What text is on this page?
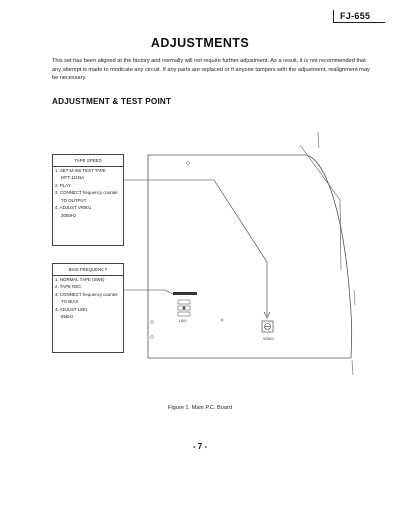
FJ-655
ADJUSTMENTS
This set has been aligned at the factory and normally will not require further adjustment. As a result, it is not recommended that any attempt is made to modicate any circuit. If any parts are replaced or if anyone tampers with the adjustment, realignment may be necessary.
ADJUSTMENT & TEST POINT
L801
VR801
TAPE SPEED
1. SET M-4W TEST TAPE
MTT-111NA
2. PLAY
3. CONNECT frequency counter
TO OUTPUT
4. ADJUST VR801
3000Hz
BIAS FREQUENCY
1. NORMAL TAPE (SW5)
2. TAPE REC
3. CONNECT frequency counter
TO BIAS
4. ADJUST L801
85kHz
Figure 1. Main P.C. Board
- 7 -
